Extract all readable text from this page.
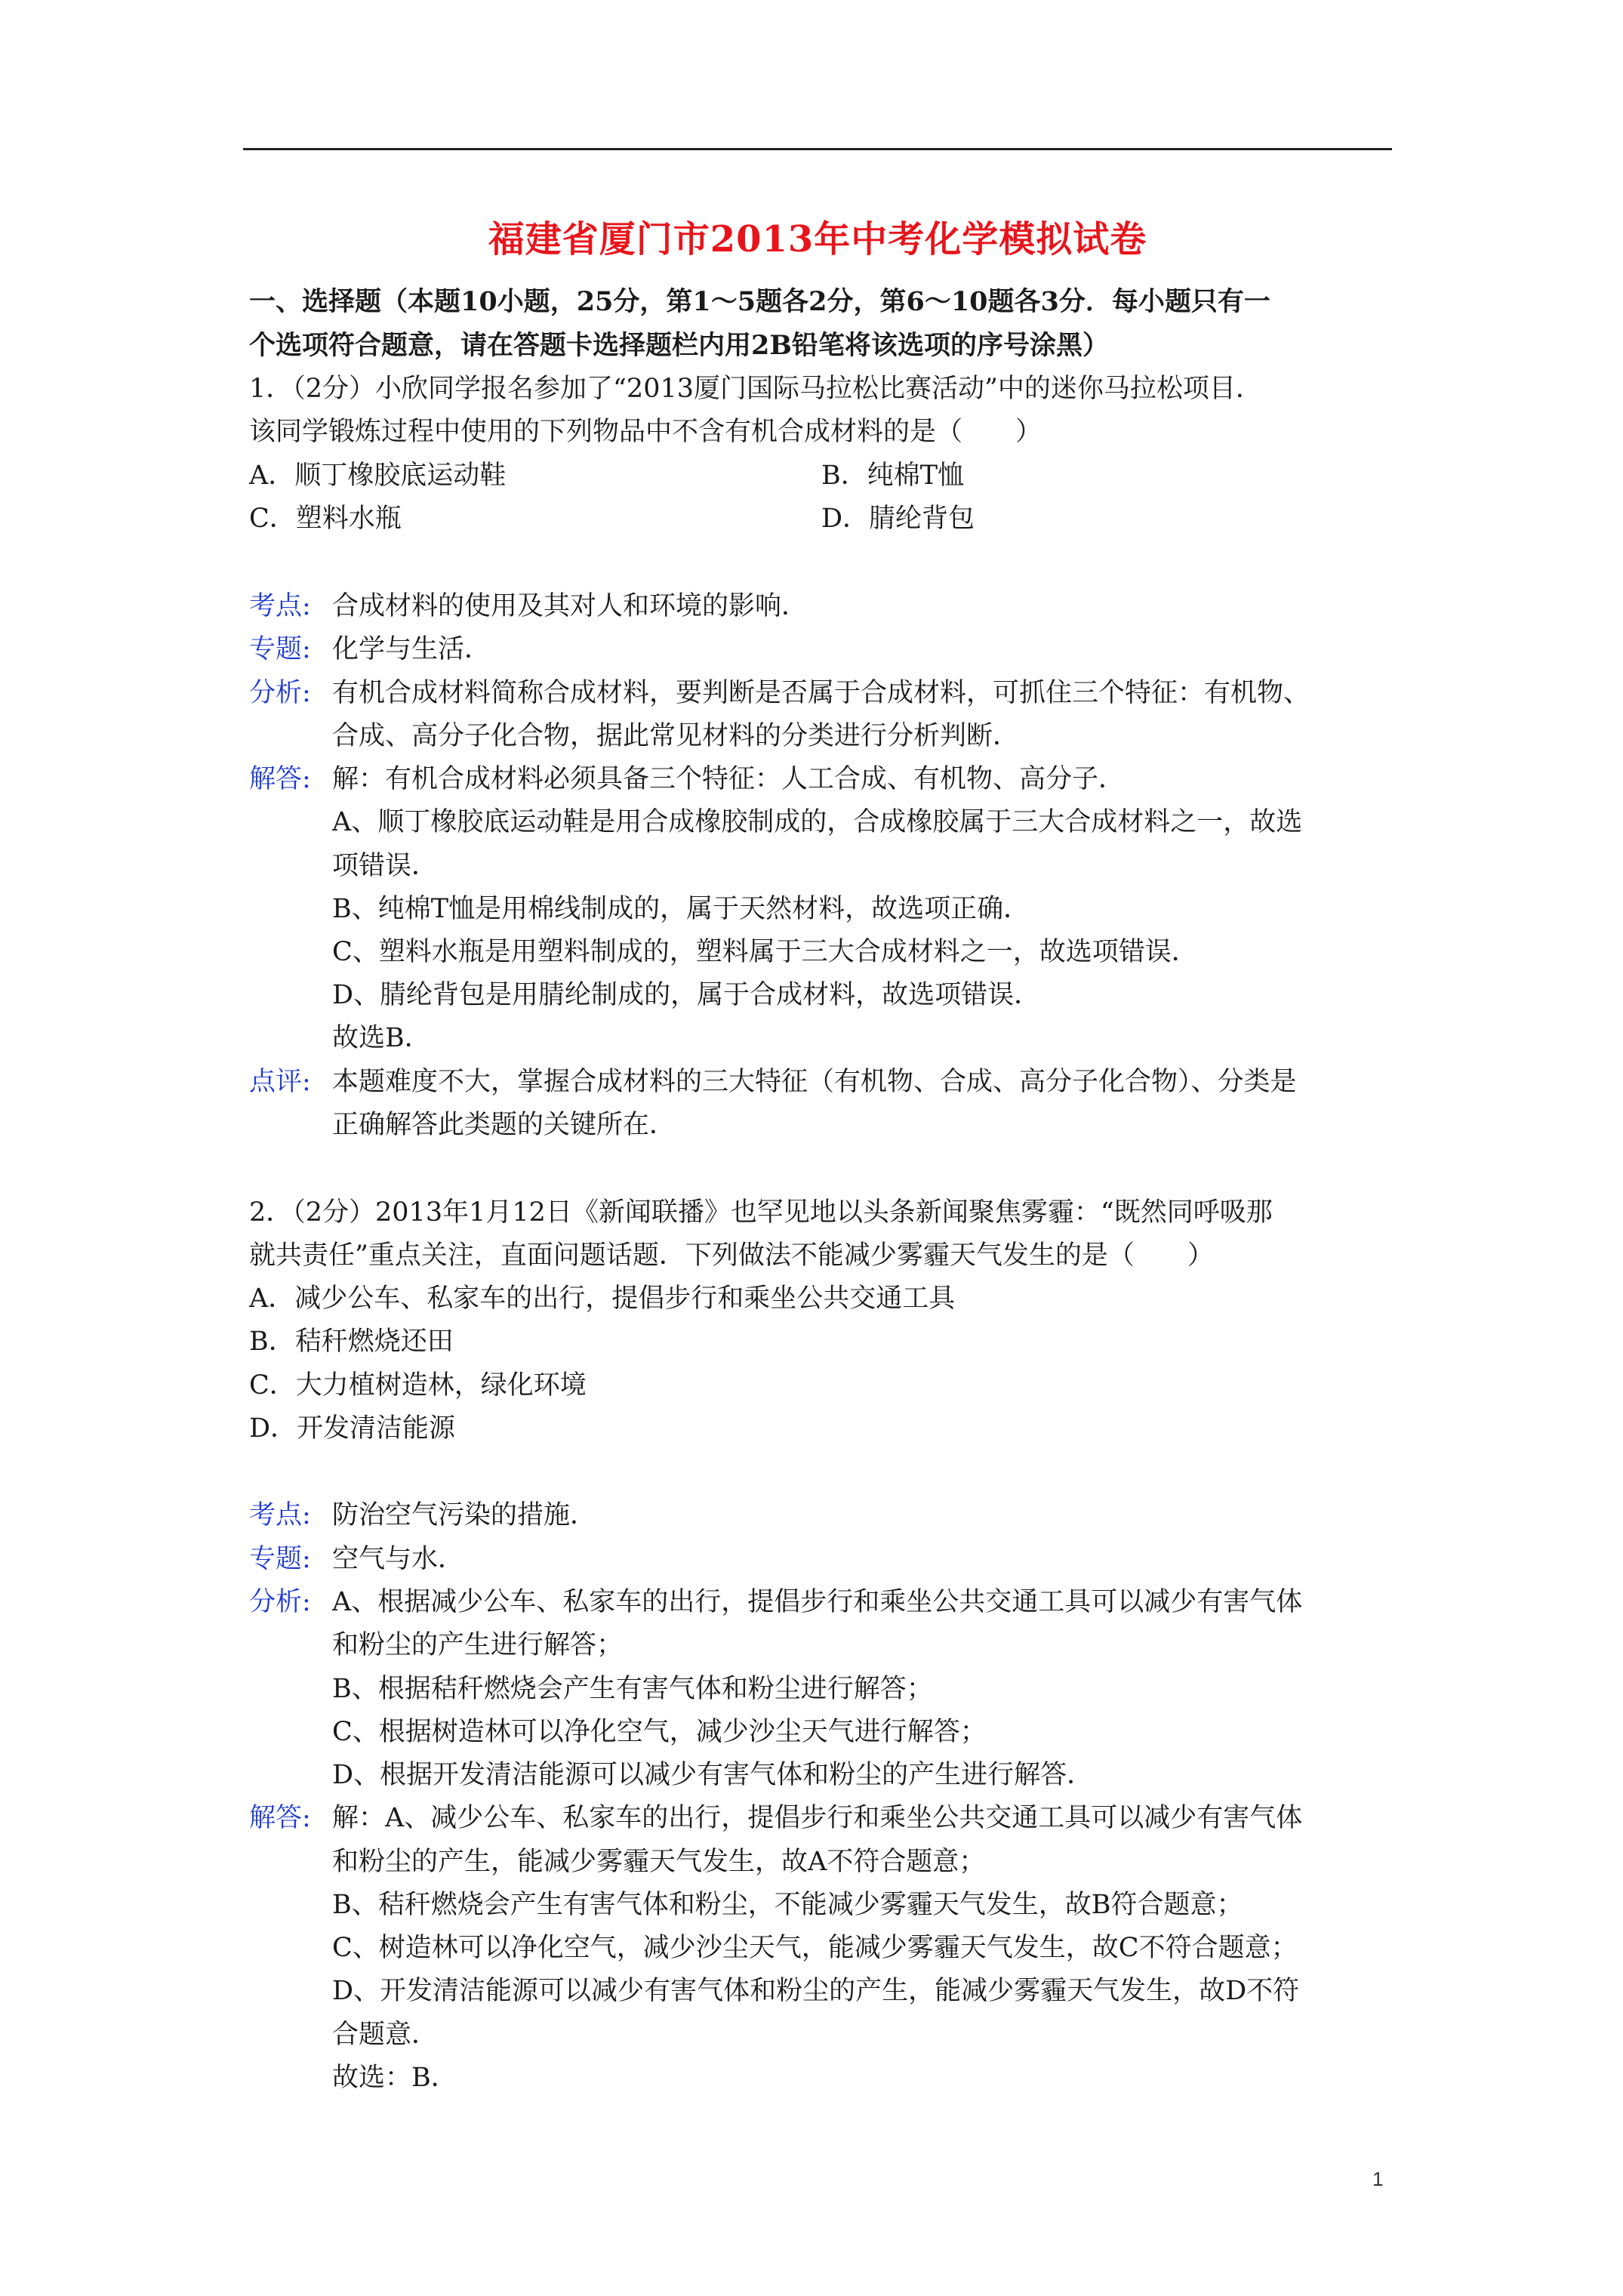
福建省厦门市2013年中考化学模拟试卷
一、选择题（本题10小题，25分，第1～5题各2分，第6～10题各3分．每小题只有一
个选项符合题意，请在答题卡选择题栏内用2B铅笔将该选项的序号涂黑）
1．（2分）小欣同学报名参加了“2013厦门国际马拉松比赛活动”中的迷你马拉松项目．
该同学锻炼过程中使用的下列物品中不含有机合成材料的是（　　）
A．顺丁橡胶底运动鞋	B．纯棉T恤
C．塑料水瓶	D．腈纶背包
考点: 合成材料的使用及其对人和环境的影响．
专题: 化学与生活．
分析: 有机合成材料简称合成材料，要判断是否属于合成材料，可抓住三个特征：有机物、
合成、高分子化合物，据此常见材料的分类进行分析判断．
解答: 解：有机合成材料必须具备三个特征：人工合成、有机物、高分子．
A、顺丁橡胶底运动鞋是用合成橡胶制成的，合成橡胶属于三大合成材料之一，故选
项错误．
B、纯棉T恤是用棉线制成的，属于天然材料，故选项正确．
C、塑料水瓶是用塑料制成的，塑料属于三大合成材料之一，故选项错误．
D、腈纶背包是用腈纶制成的，属于合成材料，故选项错误．
故选B．
点评: 本题难度不大，掌握合成材料的三大特征（有机物、合成、高分子化合物）、分类是
正确解答此类题的关键所在．
2．（2分）2013年1月12日《新闻联播》也罕见地以头条新闻聚焦雾霾：“既然同呼吸那
就共责任”重点关注，直面问题话题．下列做法不能减少雾霾天气发生的是（　　）
A．减少公车、私家车的出行，提倡步行和乘坐公共交通工具
B．秸秆燃烧还田
C．大力植树造林，绿化环境
D．开发清洁能源
考点: 防治空气污染的措施．
专题: 空气与水．
分析: A、根据减少公车、私家车的出行，提倡步行和乘坐公共交通工具可以减少有害气体
和粉尘的产生进行解答；
B、根据秸秆燃烧会产生有害气体和粉尘进行解答；
C、根据树造林可以净化空气，减少沙尘天气进行解答；
D、根据开发清洁能源可以减少有害气体和粉尘的产生进行解答．
解答: 解：A、减少公车、私家车的出行，提倡步行和乘坐公共交通工具可以减少有害气体
和粉尘的产生，能减少雾霾天气发生，故A不符合题意；
B、秸秆燃烧会产生有害气体和粉尘，不能减少雾霾天气发生，故B符合题意；
C、树造林可以净化空气，减少沙尘天气，能减少雾霾天气发生，故C不符合题意；
D、开发清洁能源可以减少有害气体和粉尘的产生，能减少雾霾天气发生，故D不符
合题意．
故选：B．
1
